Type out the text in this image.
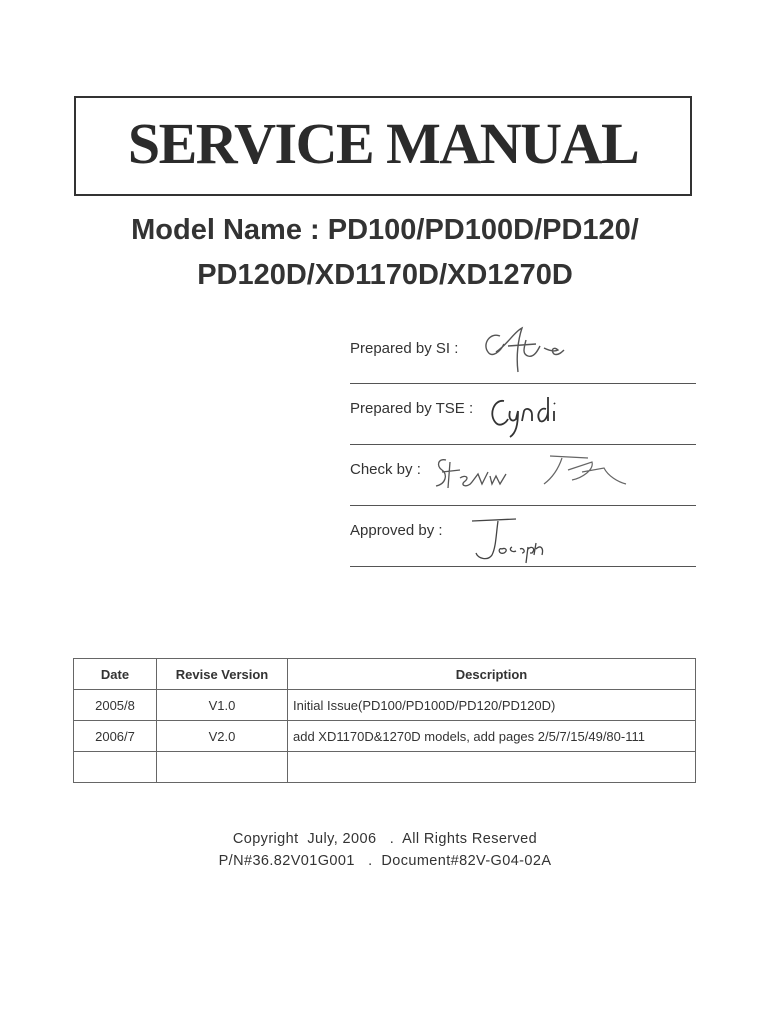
SERVICE MANUAL
Model Name : PD100/PD100D/PD120/
PD120D/XD1170D/XD1270D
Prepared by SI :
Prepared by TSE :
Check by :
Approved by :
Date	Revise Version	Description
2005/8	V1.0	Initial Issue(PD100/PD100D/PD120/PD120D)
2006/7	V2.0	add XD1170D&1270D models, add pages 2/5/7/15/49/80-111

Copyright  July, 2006   .  All Rights Reserved
P/N#36.82V01G001   .  Document#82V-G04-02A
